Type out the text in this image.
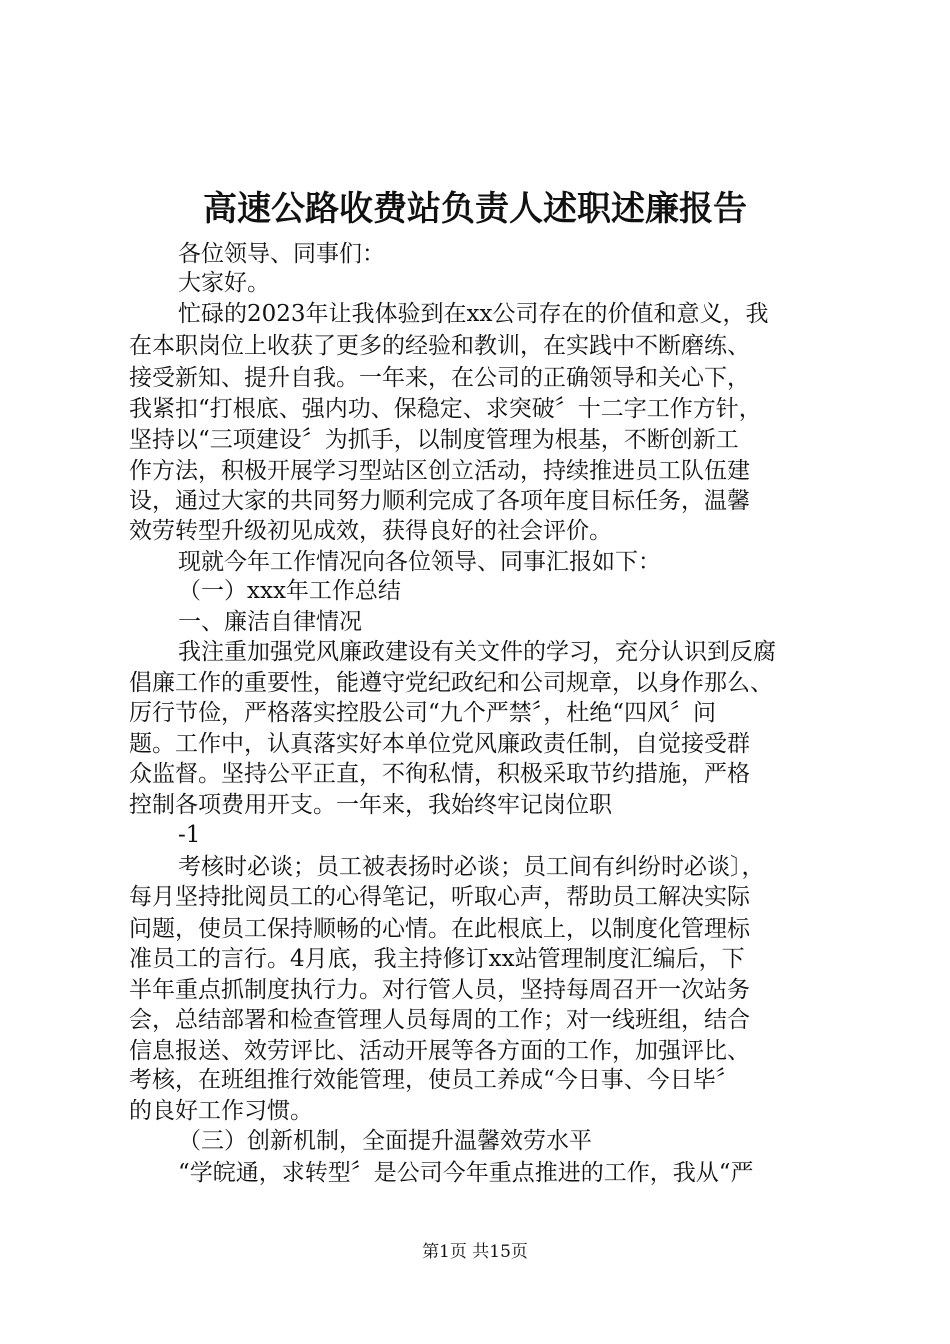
高速公路收费站负责人述职述廉报告
各位领导、同事们：
大家好。
忙碌的2023年让我体验到在xx公司存在的价值和意义，我
在本职岗位上收获了更多的经验和教训，在实践中不断磨练、
接受新知、提升自我。一年来，在公司的正确领导和关心下，
我紧扣“打根底、强内功、保稳定、求突破〞十二字工作方针，
坚持以“三项建设〞为抓手，以制度管理为根基，不断创新工
作方法，积极开展学习型站区创立活动，持续推进员工队伍建
设，通过大家的共同努力顺利完成了各项年度目标任务，温馨
效劳转型升级初见成效，获得良好的社会评价。
现就今年工作情况向各位领导、同事汇报如下：
（一）xxx年工作总结
一、廉洁自律情况
我注重加强党风廉政建设有关文件的学习，充分认识到反腐
倡廉工作的重要性，能遵守党纪政纪和公司规章，以身作那么、
厉行节俭，严格落实控股公司“九个严禁〞，杜绝“四风〞问
题。工作中，认真落实好本单位党风廉政责任制，自觉接受群
众监督。坚持公平正直，不徇私情，积极采取节约措施，严格
控制各项费用开支。一年来，我始终牢记岗位职
-1
考核时必谈；员工被表扬时必谈；员工间有纠纷时必谈〕，
每月坚持批阅员工的心得笔记，听取心声，帮助员工解决实际
问题，使员工保持顺畅的心情。在此根底上，以制度化管理标
准员工的言行。4月底，我主持修订xx站管理制度汇编后，下
半年重点抓制度执行力。对行管人员，坚持每周召开一次站务
会，总结部署和检查管理人员每周的工作；对一线班组，结合
信息报送、效劳评比、活动开展等各方面的工作，加强评比、
考核，在班组推行效能管理，使员工养成“今日事、今日毕〞
的良好工作习惯。
（三）创新机制，全面提升温馨效劳水平
“学皖通，求转型〞是公司今年重点推进的工作，我从“严
第1页 共15页
